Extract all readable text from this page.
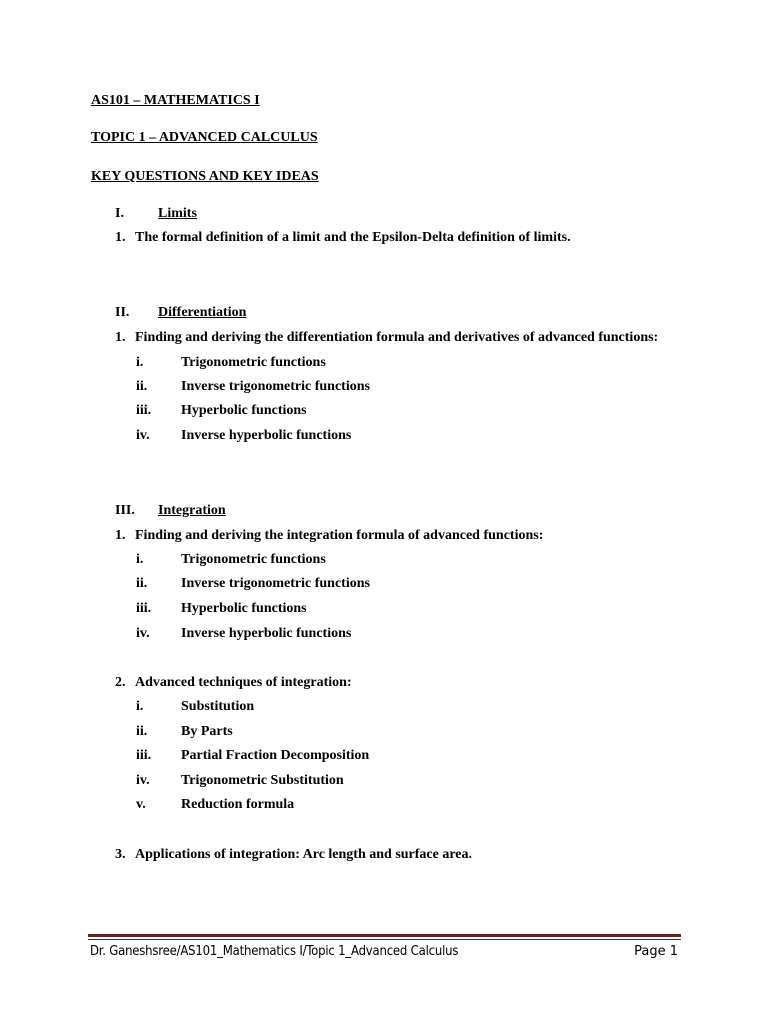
AS101 – MATHEMATICS I
TOPIC 1 – ADVANCED CALCULUS
KEY QUESTIONS AND KEY IDEAS
I. Limits
1. The formal definition of a limit and the Epsilon-Delta definition of limits.
II. Differentiation
1. Finding and deriving the differentiation formula and derivatives of advanced functions:
i.	Trigonometric functions
ii. Inverse trigonometric functions
iii. Hyperbolic functions
iv. Inverse hyperbolic functions
III. Integration
1. Finding and deriving the integration formula of advanced functions:
i.	Trigonometric functions
ii. Inverse trigonometric functions
iii. Hyperbolic functions
iv. Inverse hyperbolic functions
2. Advanced techniques of integration:
i.	Substitution
ii. By Parts
iii. Partial Fraction Decomposition
iv. Trigonometric Substitution
v.	Reduction formula
3. Applications of integration: Arc length and surface area.
Dr. Ganeshsree/AS101_Mathematics I/Topic 1_Advanced Calculus	Page 1
